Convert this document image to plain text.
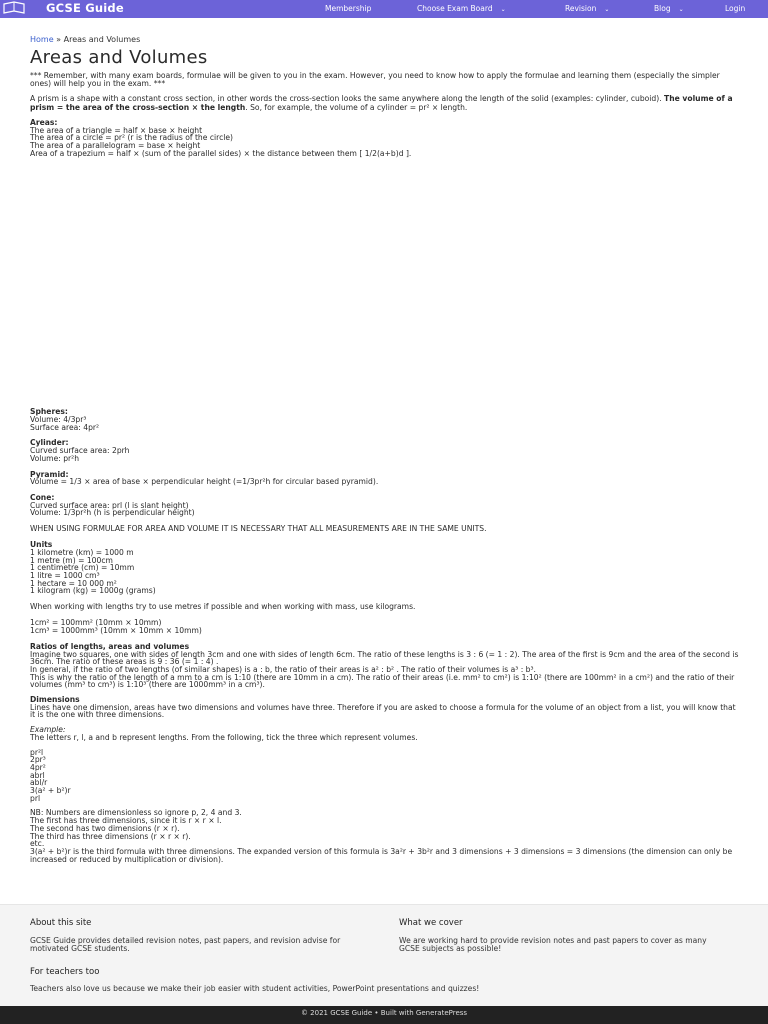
GCSE Guide	Membership	Choose Exam Board ⌄	Revision ⌄	Blog ⌄	Login
Home » Areas and Volumes
Areas and Volumes
*** Remember, with many exam boards, formulae will be given to you in the exam. However, you need to know how to apply the formulae and learning them (especially the simpler ones) will help you in the exam. ***
A prism is a shape with a constant cross section, in other words the cross-section looks the same anywhere along the length of the solid (examples: cylinder, cuboid). The volume of a prism = the area of the cross-section × the length. So, for example, the volume of a cylinder = pr² × length.
Areas:
The area of a triangle = half × base × height
The area of a circle = pr² (r is the radius of the circle)
The area of a parallelogram = base × height
Area of a trapezium = half × (sum of the parallel sides) × the distance between them [ 1/2(a+b)d ].
Spheres:
Volume: 4/3pr³
Surface area: 4pr²
Cylinder:
Curved surface area: 2prh
Volume: pr²h
Pyramid:
Volume = 1/3 × area of base × perpendicular height (=1/3pr²h for circular based pyramid).
Cone:
Curved surface area: prl (l is slant height)
Volume: 1/3pr²h (h is perpendicular height)
WHEN USING FORMULAE FOR AREA AND VOLUME IT IS NECESSARY THAT ALL MEASUREMENTS ARE IN THE SAME UNITS.
Units
1 kilometre (km) = 1000 m
1 metre (m) = 100cm
1 centimetre (cm) = 10mm
1 litre = 1000 cm³
1 hectare = 10 000 m²
1 kilogram (kg) = 1000g (grams)
When working with lengths try to use metres if possible and when working with mass, use kilograms.
1cm² = 100mm² (10mm × 10mm)
1cm³ = 1000mm³ (10mm × 10mm × 10mm)
Ratios of lengths, areas and volumes
Imagine two squares, one with sides of length 3cm and one with sides of length 6cm. The ratio of these lengths is 3 : 6 (= 1 : 2). The area of the first is 9cm and the area of the second is 36cm. The ratio of these areas is 9 : 36 (= 1 : 4) .
In general, if the ratio of two lengths (of similar shapes) is a : b, the ratio of their areas is a² : b² . The ratio of their volumes is a³ : b³.
This is why the ratio of the length of a mm to a cm is 1:10 (there are 10mm in a cm). The ratio of their areas (i.e. mm² to cm²) is 1:10² (there are 100mm² in a cm²) and the ratio of their volumes (mm³ to cm³) is 1:10³ (there are 1000mm³ in a cm³).
Dimensions
Lines have one dimension, areas have two dimensions and volumes have three. Therefore if you are asked to choose a formula for the volume of an object from a list, you will know that it is the one with three dimensions.
Example:
The letters r, l, a and b represent lengths. From the following, tick the three which represent volumes.
pr²l
2pr³
4pr²
abrl
abl/r
3(a² + b²)r
prl
NB: Numbers are dimensionless so ignore p, 2, 4 and 3.
The first has three dimensions, since it is r × r × l.
The second has two dimensions (r × r).
The third has three dimensions (r × r × r).
etc.
3(a² + b²)r is the third formula with three dimensions. The expanded version of this formula is 3a²r + 3b²r and 3 dimensions + 3 dimensions = 3 dimensions (the dimension can only be increased or reduced by multiplication or division).
About this site
GCSE Guide provides detailed revision notes, past papers, and revision advise for motivated GCSE students.
What we cover
We are working hard to provide revision notes and past papers to cover as many GCSE subjects as possible!
For teachers too
Teachers also love us because we make their job easier with student activities, PowerPoint presentations and quizzes!
© 2021 GCSE Guide • Built with GeneratePress
